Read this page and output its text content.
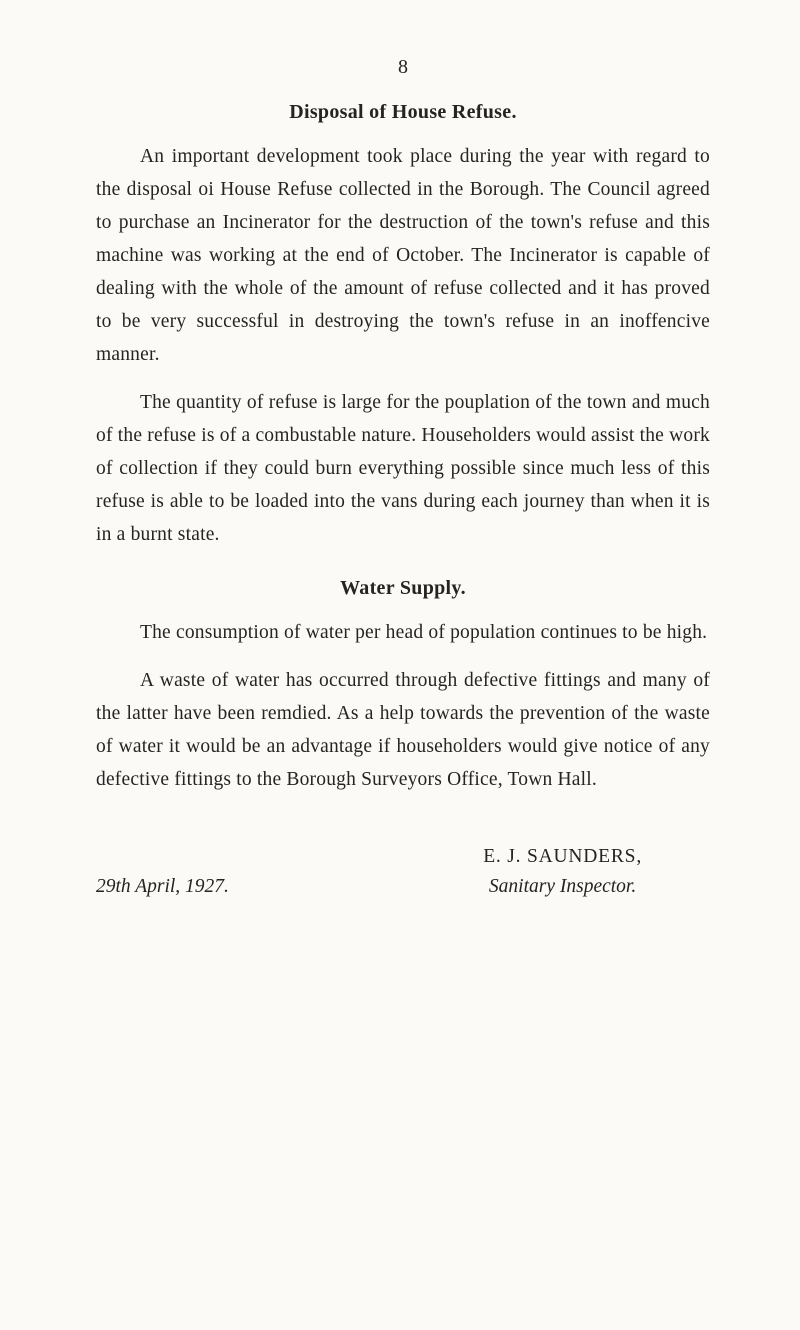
8
Disposal of House Refuse.

An important development took place during the year with regard to the disposal oi House Refuse collected in the Borough. The Council agreed to purchase an Incinerator for the destruction of the town's refuse and this machine was working at the end of October. The Incinerator is capable of dealing with the whole of the amount of refuse collected and it has proved to be very successful in destroying the town's refuse in an inoffencive manner.

The quantity of refuse is large for the pouplation of the town and much of the refuse is of a combustable nature. Householders would assist the work of collection if they could burn everything possible since much less of this refuse is able to be loaded into the vans during each journey than when it is in a burnt state.

Water Supply.

The consumption of water per head of population continues to be high.

A waste of water has occurred through defective fittings and many of the latter have been remdied. As a help towards the prevention of the waste of water it would be an advantage if householders would give notice of any defective fittings to the Borough Surveyors Office, Town Hall.

29th April, 1927.
E. J. SAUNDERS,
Sanitary Inspector.
